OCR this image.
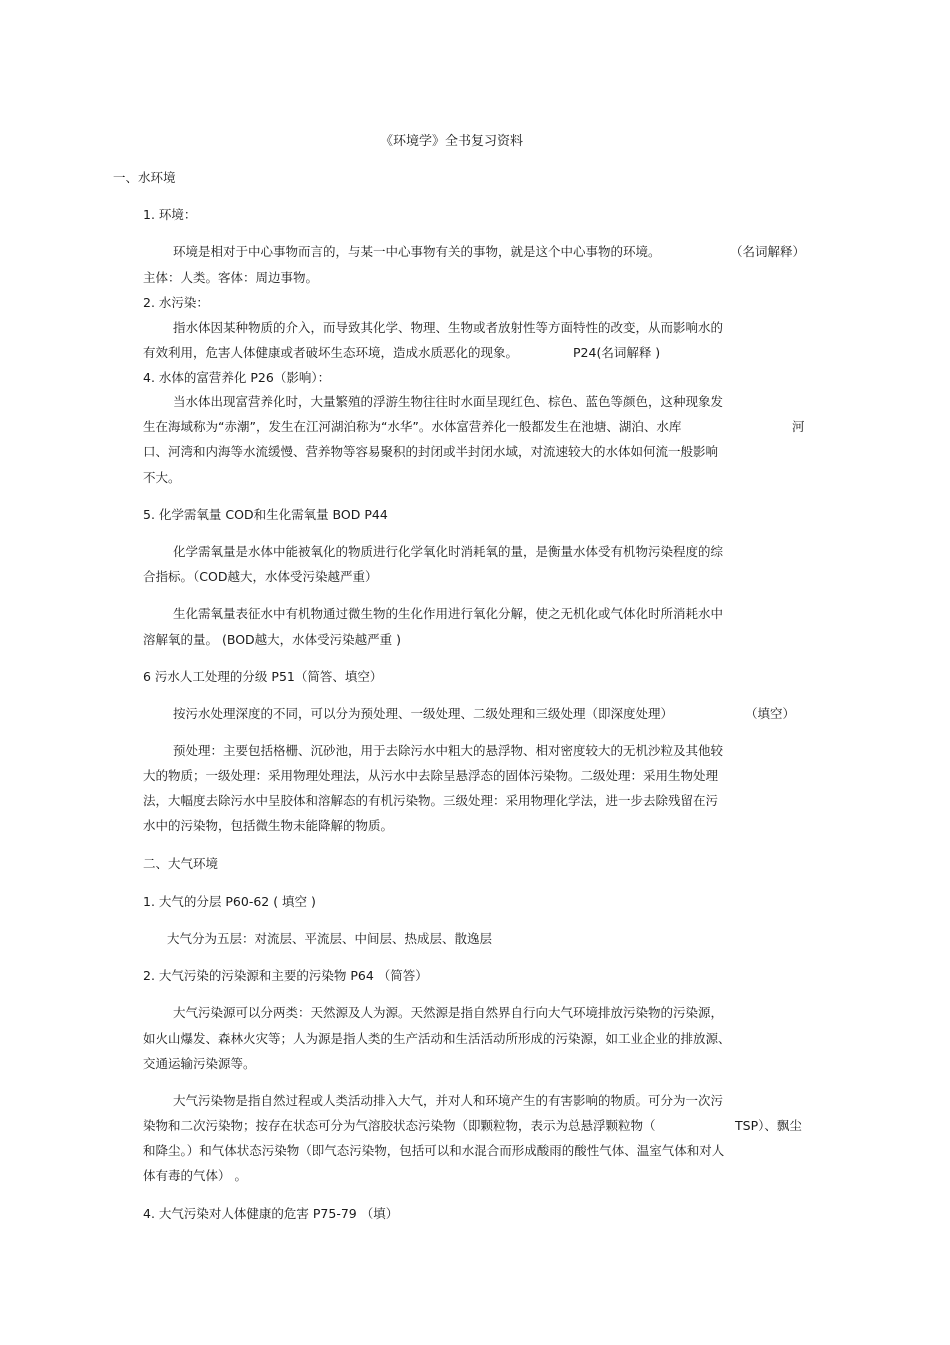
《环境学》全书复习资料
一、水环境
1. 环境：
环境是相对于中心事物而言的，与某一中心事物有关的事物，就是这个中心事物的环境。	（名词解释）
主体：人类。客体：周边事物。
2. 水污染：
指水体因某种物质的介入，而导致其化学、物理、生物或者放射性等方面特性的改变，从而影响水的
有效利用，危害人体健康或者破坏生态环境，造成水质恶化的现象。	P24(名词解释 )
4. 水体的富营养化 P26（影响）：
当水体出现富营养化时，大量繁殖的浮游生物往往时水面呈现红色、棕色、蓝色等颜色，这种现象发
生在海域称为“赤潮”，发生在江河湖泊称为“水华”。水体富营养化一般都发生在池塘、湖泊、水库	河
口、河湾和内海等水流缓慢、营养物等容易聚积的封闭或半封闭水域，对流速较大的水体如何流一般影响
不大。
5. 化学需氧量 COD和生化需氧量 BOD P44
化学需氧量是水体中能被氧化的物质进行化学氧化时消耗氧的量，是衡量水体受有机物污染程度的综
合指标。（COD越大，水体受污染越严重）
生化需氧量表征水中有机物通过微生物的生化作用进行氧化分解，使之无机化或气体化时所消耗水中
溶解氧的量。 (BOD越大，水体受污染越严重 )
6 污水人工处理的分级 P51（简答、填空）
按污水处理深度的不同，可以分为预处理、一级处理、二级处理和三级处理（即深度处理）	（填空）
预处理：主要包括格栅、沉砂池，用于去除污水中粗大的悬浮物、相对密度较大的无机沙粒及其他较
大的物质；一级处理：采用物理处理法，从污水中去除呈悬浮态的固体污染物。二级处理：采用生物处理
法，大幅度去除污水中呈胶体和溶解态的有机污染物。三级处理：采用物理化学法，进一步去除残留在污
水中的污染物，包括微生物未能降解的物质。
二、大气环境
1. 大气的分层 P60-62 ( 填空 )
大气分为五层：对流层、平流层、中间层、热成层、散逸层
2. 大气污染的污染源和主要的污染物 P64 （简答）
大气污染源可以分两类：天然源及人为源。天然源是指自然界自行向大气环境排放污染物的污染源，
如火山爆发、森林火灾等；人为源是指人类的生产活动和生活活动所形成的污染源，如工业企业的排放源、
交通运输污染源等。
大气污染物是指自然过程或人类活动排入大气，并对人和环境产生的有害影响的物质。可分为一次污
染物和二次污染物；按存在状态可分为气溶胶状态污染物（即颗粒物，表示为总悬浮颗粒物（	TSP）、飘尘
和降尘。）和气体状态污染物（即气态污染物，包括可以和水混合而形成酸雨的酸性气体、温室气体和对人
体有毒的气体） 。
4. 大气污染对人体健康的危害 P75-79 （填）
